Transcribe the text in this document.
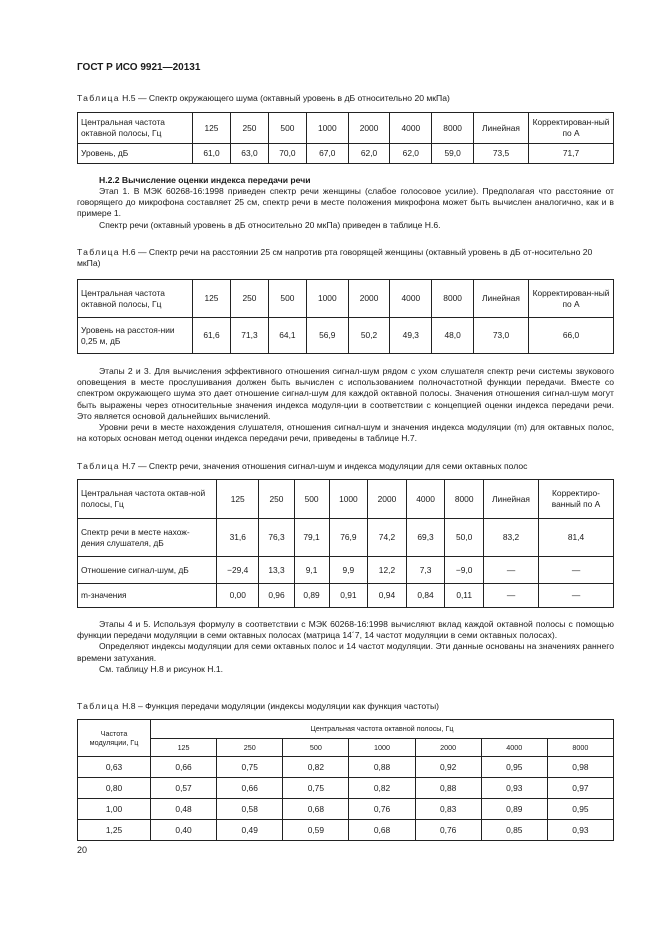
ГОСТ Р ИСО 9921—20131
Таблица Н.5 — Спектр окружающего шума (октавный уровень в дБ относительно 20 мкПа)
Центральная частота октавной полосы, Гц	125	250	500	1000	2000	4000	8000	Линейная	Корректирован-ный по А
Уровень, дБ	61,0	63,0	70,0	67,0	62,0	62,0	59,0	73,5	71,7
Н.2.2 Вычисление оценки индекса передачи речи

Этап 1. В МЭК 60268-16:1998 приведен спектр речи женщины (слабое голосовое усилие). Предполагая что расстояние от говорящего до микрофона составляет 25 см, спектр речи в месте положения микрофона может быть вычислен аналогично, как и в примере 1.

Спектр речи (октавный уровень в дБ относительно 20 мкПа) приведен в таблице Н.6.

Таблица Н.6 — Спектр речи на расстоянии 25 см напротив рта говорящей женщины (октавный уровень в дБ от-носительно 20 мкПа)
Центральная частота октавной полосы, Гц	125	250	500	1000	2000	4000	8000	Линейная	Корректирован-ный по А
Уровень на расстоя-нии 0,25 м, дБ	61,6	71,3	64,1	56,9	50,2	49,3	48,0	73,0	66,0

Этапы 2 и 3. Для вычисления эффективного отношения сигнал-шум рядом с ухом слушателя спектр речи системы звукового оповещения в месте прослушивания должен быть вычислен с использованием полночастотной функции передачи. Вместе со спектром окружающего шума это дает отношение сигнал-шум для каждой октавной полосы. Значения отношения сигнал-шум могут быть выражены через относительные значения индекса модуля-ции в соответствии с концепцией оценки индекса передачи речи. Это является основой дальнейших вычислений.

Уровни речи в месте нахождения слушателя, отношения сигнал-шум и значения индекса модуляции (m) для октавных полос, на которых основан метод оценки индекса передачи речи, приведены в таблице Н.7.

Таблица Н.7 — Спектр речи, значения отношения сигнал-шум и индекса модуляции для семи октавных полос
Центральная частота октав-ной полосы, Гц	125	250	500	1000	2000	4000	8000	Линейная	Корректиро-ванный по А
Спектр речи в месте нахож-дения слушателя, дБ	31,6	76,3	79,1	76,9	74,2	69,3	50,0	83,2	81,4
Отношение сигнал-шум, дБ	−29,4	13,3	9,1	9,9	12,2	7,3	−9,0	—	—
m-значения	0,00	0,96	0,89	0,91	0,94	0,84	0,11	—	—

Этапы 4 и 5. Используя формулу в соответствии с МЭК 60268-16:1998 вычисляют вклад каждой октавной полосы с помощью функции передачи модуляции в семи октавных полосах (матрица 14´7, 14 частот модуляции в семи октавных полосах).

Определяют индексы модуляции для семи октавных полос и 14 частот модуляции. Эти данные основаны на значениях раннего времени затухания.

См. таблицу Н.8 и рисунок Н.1.

Таблица Н.8 – Функция передачи модуляции (индексы модуляции как функция частоты)
Частота модуляции, Гц	Центральная частота октавной полосы, Гц						
	125	250	500	1000	2000	4000	8000
0,63	0,66	0,75	0,82	0,88	0,92	0,95	0,98
0,80	0,57	0,66	0,75	0,82	0,88	0,93	0,97
1,00	0,48	0,58	0,68	0,76	0,83	0,89	0,95
1,25	0,40	0,49	0,59	0,68	0,76	0,85	0,93
20
